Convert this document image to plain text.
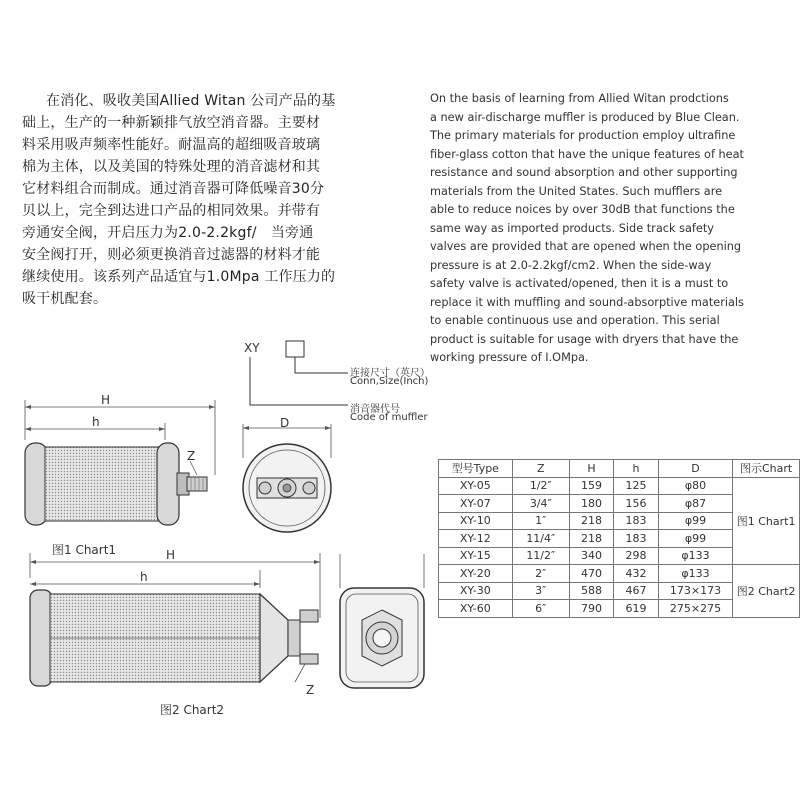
在消化、吸收美国Allied Witan 公司产品的基
础上，生产的一种新颖排气放空消音器。主要材
料采用吸声频率性能好。耐温高的超细吸音玻璃
棉为主体，以及美国的特殊处理的消音滤材和其
它材料组合而制成。通过消音器可降低噪音30分
贝以上，完全到达进口产品的相同效果。并带有
旁通安全阀，开启压力为2.0-2.2kgf/　当旁通
安全阀打开，则必须更换消音过滤器的材料才能
继续使用。该系列产品适宜与1.0Mpa 工作压力的
吸干机配套。
On the basis of learning from Allied Witan prodctions
a new air-discharge muffler is produced by Blue Clean.
The primary materials for production employ ultrafine
fiber-glass cotton that have the unique features of heat
resistance and sound absorption and other supporting
materials from the United States. Such mufflers are
able to reduce noices by over 30dB that functions the
same way as imported products. Side track safety
valves are provided that are opened when the opening
pressure is at 2.0-2.2kgf/cm2. When the side-way
safety valve is activated/opened, then it is a must to
replace it with muffling and sound-absorptive materials
to enable continuous use and operation. This serial
product is suitable for usage with dryers that have the
working pressure of I.OMpa.
XY
连接尺寸（英尺）
Conn,Size(Inch)
消音器代号
Code of muffler
H
h
Z
图1 Chart1
D
H
h
Z
图2 Chart2
型号Type	Z	H	h	D	图示Chart
XY-05	1/2″	159	125	φ80	图1 Chart1
XY-07	3/4″	180	156	φ87	
XY-10	1″	218	183	φ99	
XY-12	11/4″	218	183	φ99	
XY-15	11/2″	340	298	φ133	
XY-20	2″	470	432	φ133	图2 Chart2
XY-30	3″	588	467	173×173	
XY-60	6″	790	619	275×275	
